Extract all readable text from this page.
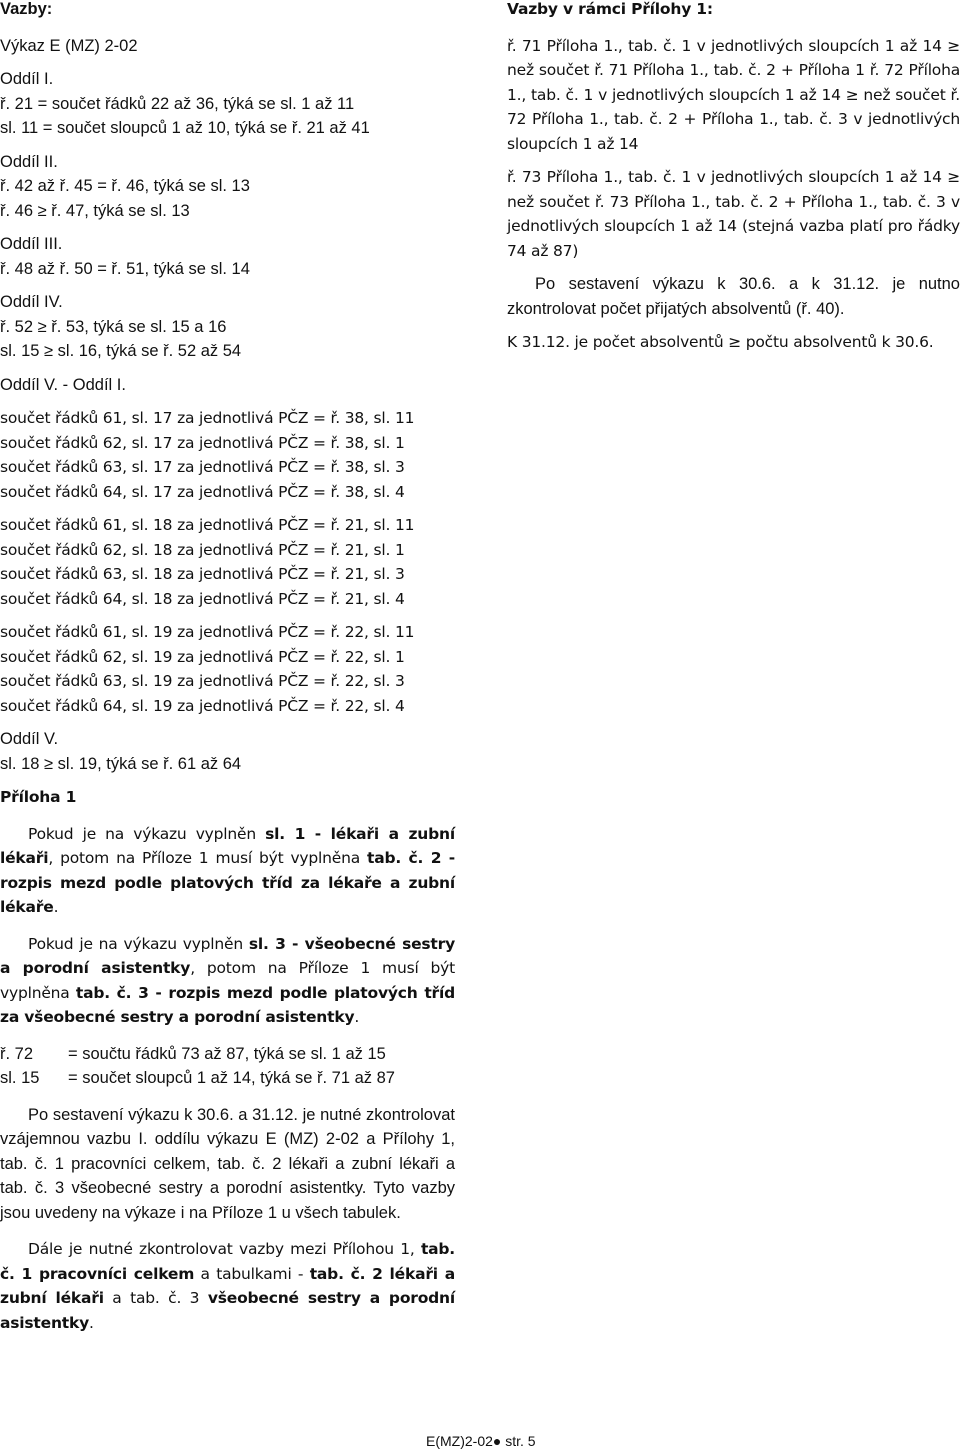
Vazby:
Výkaz E (MZ) 2-02
Oddíl I.
ř. 21 = součet řádků 22 až 36, týká se sl. 1 až 11
sl. 11 = součet sloupců 1 až 10, týká se ř. 21 až 41
Oddíl II.
ř. 42 až ř. 45 = ř. 46, týká se sl. 13
ř. 46 ≥ ř. 47, týká se sl. 13
Oddíl III.
ř. 48 až ř. 50 = ř. 51, týká se sl. 14
Oddíl IV.
ř. 52 ≥ ř. 53, týká se sl. 15 a 16
sl. 15 ≥ sl. 16, týká se ř. 52 až 54
Oddíl V. - Oddíl I.
součet řádků 61, sl. 17 za jednotlivá PČZ = ř. 38, sl. 11
součet řádků 62, sl. 17 za jednotlivá PČZ = ř. 38, sl. 1
součet řádků 63, sl. 17 za jednotlivá PČZ = ř. 38, sl. 3
součet řádků 64, sl. 17 za jednotlivá PČZ = ř. 38, sl. 4
součet řádků 61, sl. 18 za jednotlivá PČZ = ř. 21, sl. 11
součet řádků 62, sl. 18 za jednotlivá PČZ = ř. 21, sl. 1
součet řádků 63, sl. 18 za jednotlivá PČZ = ř. 21, sl. 3
součet řádků 64, sl. 18 za jednotlivá PČZ = ř. 21, sl. 4
součet řádků 61, sl. 19 za jednotlivá PČZ = ř. 22, sl. 11
součet řádků 62, sl. 19 za jednotlivá PČZ = ř. 22, sl. 1
součet řádků 63, sl. 19 za jednotlivá PČZ = ř. 22, sl. 3
součet řádků 64, sl. 19 za jednotlivá PČZ = ř. 22, sl. 4
Oddíl V.
sl. 18 ≥ sl. 19, týká se ř. 61 až 64
Příloha 1
Pokud je na výkazu vyplněn sl. 1 - lékaři a zubní lékaři, potom na Příloze 1 musí být vyplněna tab. č. 2 - rozpis mezd podle platových tříd za lékaře a zubní lékaře.
Pokud je na výkazu vyplněn sl. 3 - všeobecné sestry a porodní asistentky, potom na Příloze 1 musí být vyplněna tab. č. 3 - rozpis mezd podle platových tříd za všeobecné sestry a porodní asistentky.
ř. 72	= součtu řádků 73 až 87, týká se sl. 1 až 15
sl. 15	= součet sloupců 1 až 14, týká se ř. 71 až 87
Po sestavení výkazu k 30.6. a 31.12. je nutné zkontrolovat vzájemnou vazbu I. oddílu výkazu E (MZ) 2-02 a Přílohy 1, tab. č. 1 pracovníci celkem, tab. č. 2 lékaři a zubní lékaři a tab. č. 3 všeobecné sestry a porodní asistentky. Tyto vazby jsou uvedeny na výkaze i na Příloze 1 u všech tabulek.
Dále je nutné zkontrolovat vazby mezi Přílohou 1, tab. č. 1 pracovníci celkem a tabulkami - tab. č. 2 lékaři a zubní lékaři a tab. č. 3 všeobecné sestry a porodní asistentky.
Vazby v rámci Přílohy 1:
ř. 71 Příloha 1., tab. č. 1 v jednotlivých sloupcích 1 až 14 ≥ než součet ř. 71 Příloha 1., tab. č. 2 + Příloha 1 ř. 72 Příloha 1., tab. č. 1 v jednotlivých sloupcích 1 až 14 ≥ než součet ř. 72 Příloha 1., tab. č. 2 + Příloha 1., tab. č. 3 v jednotlivých sloupcích 1 až 14
ř. 73 Příloha 1., tab. č. 1 v jednotlivých sloupcích 1 až 14 ≥ než součet ř. 73 Příloha 1., tab. č. 2 + Příloha 1., tab. č. 3 v jednotlivých sloupcích 1 až 14 (stejná vazba platí pro řádky 74 až 87)
Po sestavení výkazu k 30.6. a k 31.12. je nutno zkontrolovat počet přijatých absolventů (ř. 40).
K 31.12. je počet absolventů ≥ počtu absolventů k 30.6.
E(MZ)2-02● str. 5
